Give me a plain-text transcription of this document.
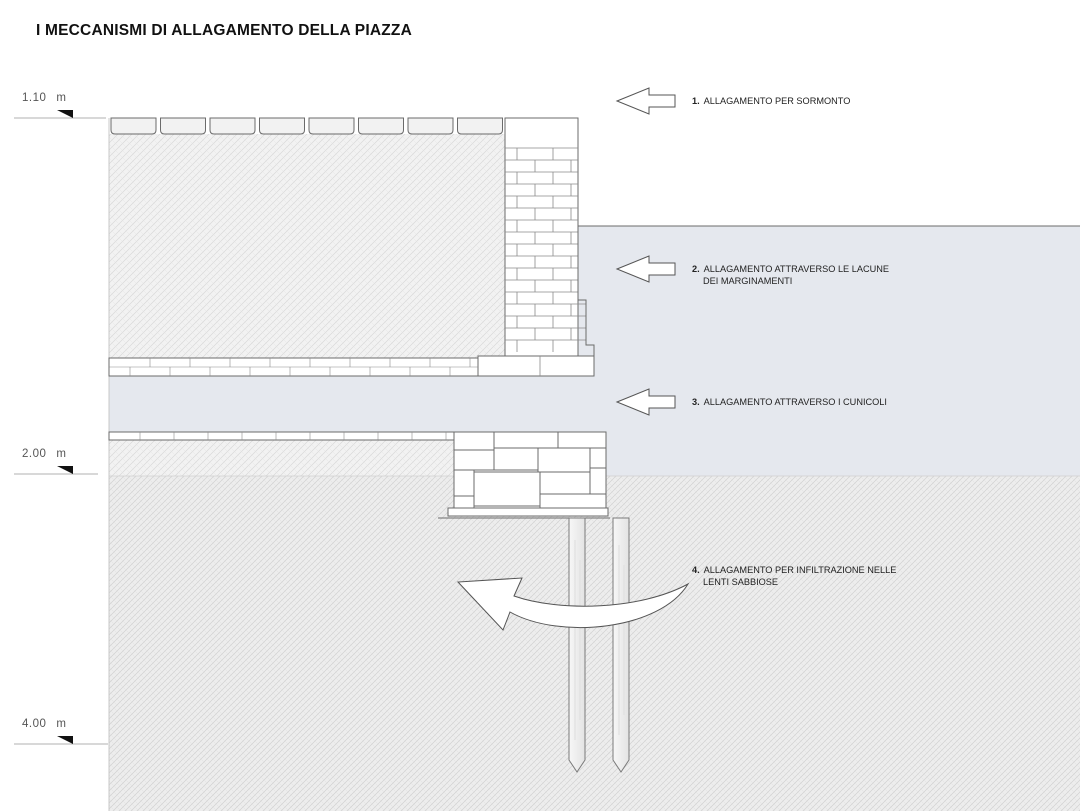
I MECCANISMI DI ALLAGAMENTO DELLA PIAZZA
1.10 m
2.00 m
4.00 m
1. ALLAGAMENTO PER SORMONTO
2. ALLAGAMENTO ATTRAVERSO LE LACUNE
DEI MARGINAMENTI
3. ALLAGAMENTO ATTRAVERSO I CUNICOLI
4. ALLAGAMENTO PER INFILTRAZIONE NELLE
LENTI SABBIOSE
